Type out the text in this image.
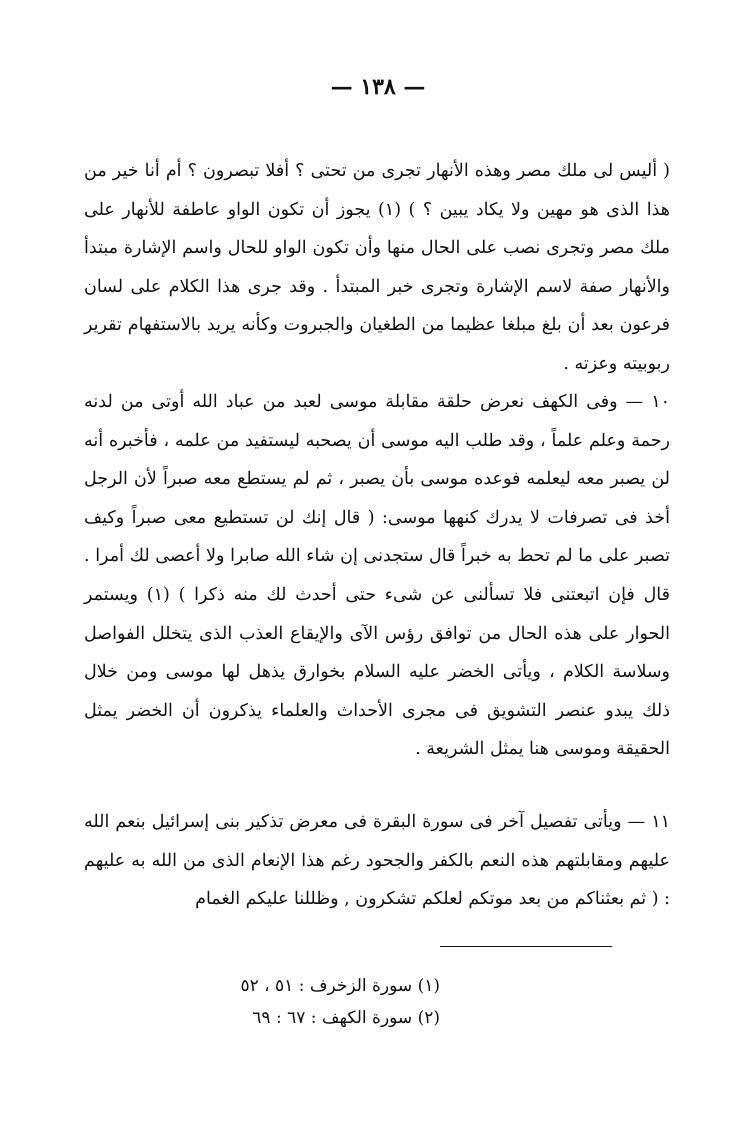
— ١٣٨ —

( أليس لى ملك مصر وهذه الأنهار تجرى من تحتى ؟ أفلا تبصرون ؟ أم أنا خير من هذا الذى هو مهين ولا يكاد يبين ؟ ) (١) يجوز أن تكون الواو عاطفة للأنهار على ملك مصر وتجرى نصب على الحال منها وأن تكون الواو للحال واسم الإشارة مبتدأ والأنهار صفة لاسم الإشارة وتجرى خبر المبتدأ . وقد جرى هذا الكلام على لسان فرعون بعد أن بلغ مبلغا عظيما من الطغيان والجبروت وكأنه يريد بالاستفهام تقرير ربوبيته وعزته .

١٠ — وفى الكهف نعرض حلقة مقابلة موسى لعبد من عباد الله أوتى من لدنه رحمة وعلم علماً ، وقد طلب اليه موسى أن يصحبه ليستفيد من علمه ، فأخبره أنه لن يصبر معه ليعلمه فوعده موسى بأن يصبر ، ثم لم يستطع معه صبراً لأن الرجل أخذ فى تصرفات لا يدرك كنهها موسى: ( قال إنك لن تستطيع معى صبراً وكيف تصبر على ما لم تحط به خبراً قال ستجدنى إن شاء الله صابرا ولا أعصى لك أمرا . قال فإن اتبعتنى فلا تسألنى عن شىء حتى أحدث لك منه ذكرا ) (١) ويستمر الحوار على هذه الحال من توافق رؤس الآى والإيقاع العذب الذى يتخلل الفواصل وسلاسة الكلام ، ويأتى الخضر عليه السلام بخوارق يذهل لها موسى ومن خلال ذلك يبدو عنصر التشويق فى مجرى الأحداث والعلماء يذكرون أن الخضر يمثل الحقيقة وموسى هنا يمثل الشريعة .

١١ — ويأتى تفصيل آخر فى سورة البقرة فى معرض تذكير بنى إسرائيل بنعم الله عليهم ومقابلتهم هذه النعم بالكفر والجحود رغم هذا الإنعام الذى من الله به عليهم : ( ثم بعثناكم من بعد موتكم لعلكم تشكرون , وظللنا عليكم الغمام

(١) سورة الزخرف : ٥١ ، ٥٢
(٢) سورة الكهف : ٦٧ : ٦٩
